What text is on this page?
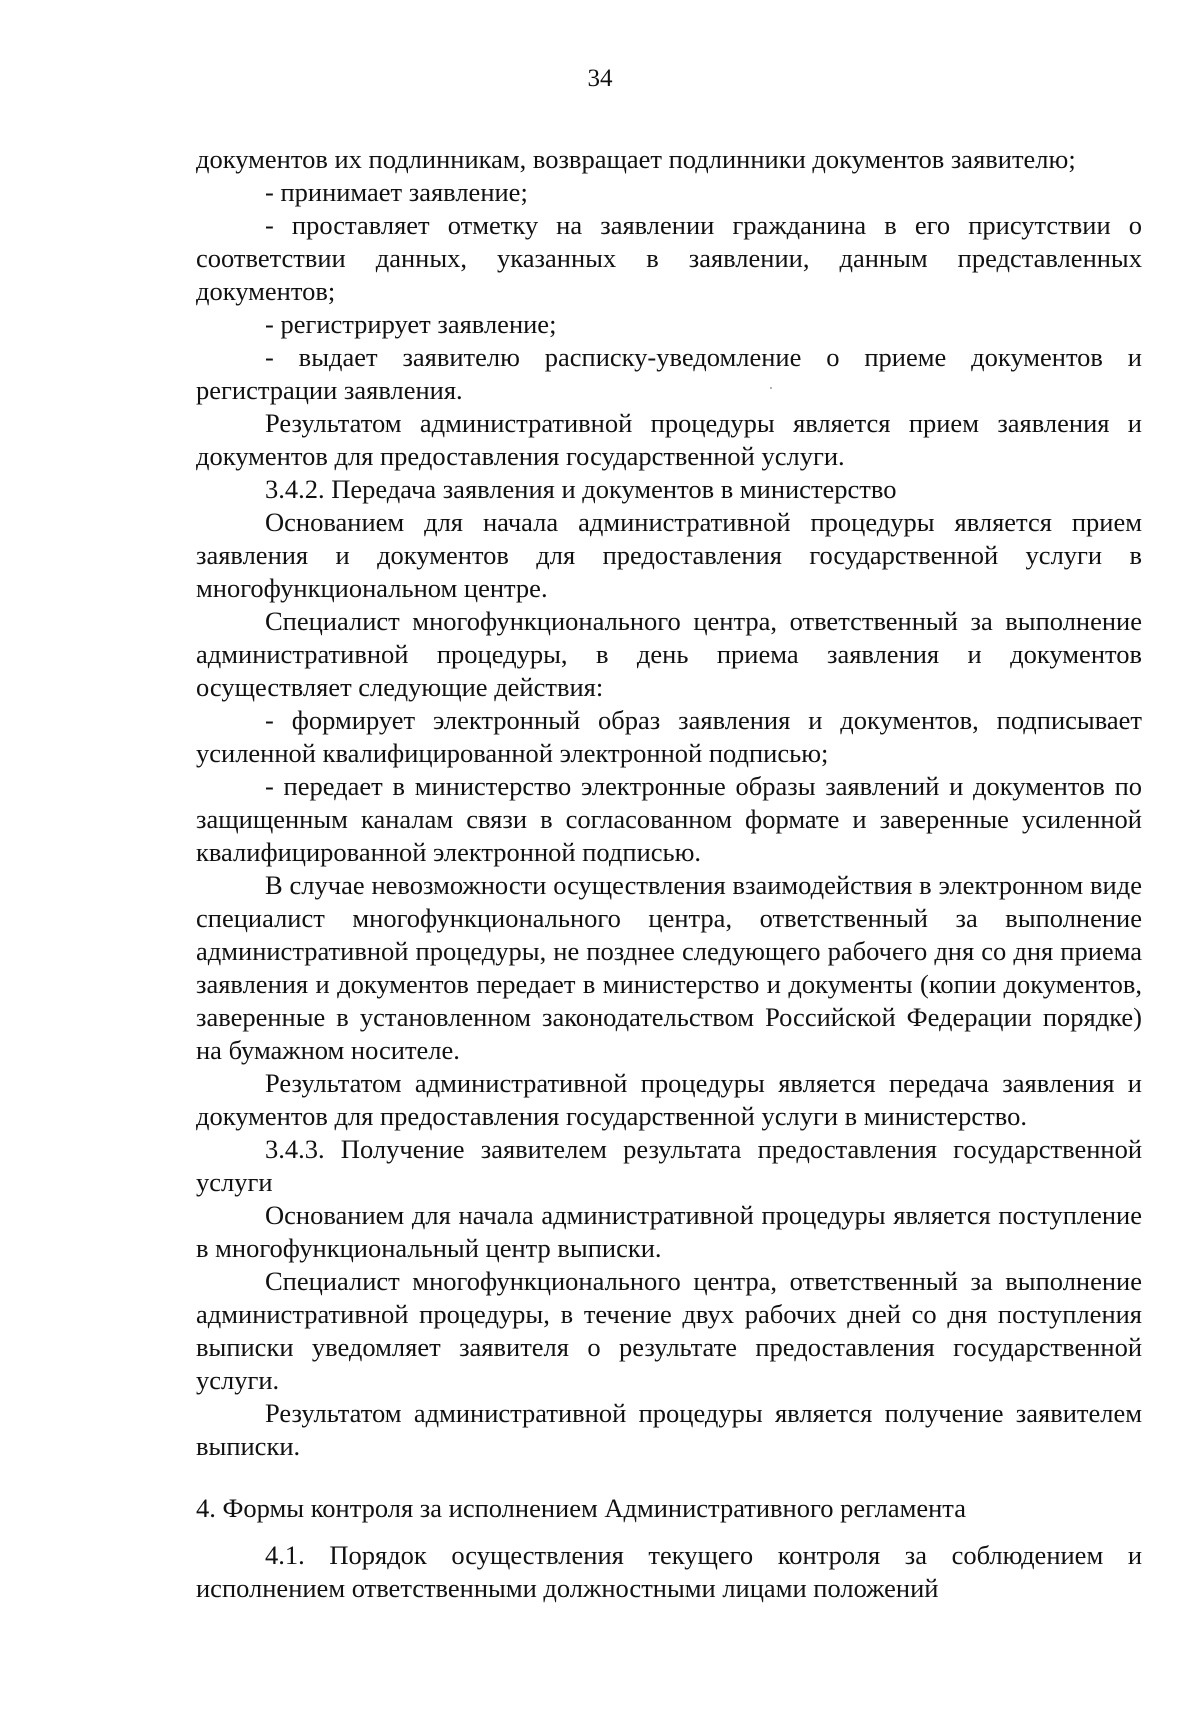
34

документов их подлинникам, возвращает подлинники документов заявителю;

- принимает заявление;

- проставляет отметку на заявлении гражданина в его присутствии о соответствии данных, указанных в заявлении, данным представленных документов;

- регистрирует заявление;

- выдает заявителю расписку-уведомление о приеме документов и регистрации заявления.

Результатом административной процедуры является прием заявления и документов для предоставления государственной услуги.

3.4.2. Передача заявления и документов в министерство

Основанием для начала административной процедуры является прием заявления и документов для предоставления государственной услуги в многофункциональном центре.

Специалист многофункционального центра, ответственный за выполнение административной процедуры, в день приема заявления и документов осуществляет следующие действия:

- формирует электронный образ заявления и документов, подписывает усиленной квалифицированной электронной подписью;

- передает в министерство электронные образы заявлений и документов по защищенным каналам связи в согласованном формате и заверенные усиленной квалифицированной электронной подписью.

В случае невозможности осуществления взаимодействия в электронном виде специалист многофункционального центра, ответственный за выполнение административной процедуры, не позднее следующего рабочего дня со дня приема заявления и документов передает в министерство и документы (копии документов, заверенные в установленном законодательством Российской Федерации порядке) на бумажном носителе.

Результатом административной процедуры является передача заявления и документов для предоставления государственной услуги в министерство.

3.4.3. Получение заявителем результата предоставления государственной услуги

Основанием для начала административной процедуры является поступление в многофункциональный центр выписки.

Специалист многофункционального центра, ответственный за выполнение административной процедуры, в течение двух рабочих дней со дня поступления выписки уведомляет заявителя о результате предоставления государственной услуги.

Результатом административной процедуры является получение заявителем выписки.

4. Формы контроля за исполнением Административного регламента

4.1. Порядок осуществления текущего контроля за соблюдением и исполнением ответственными должностными лицами положений
